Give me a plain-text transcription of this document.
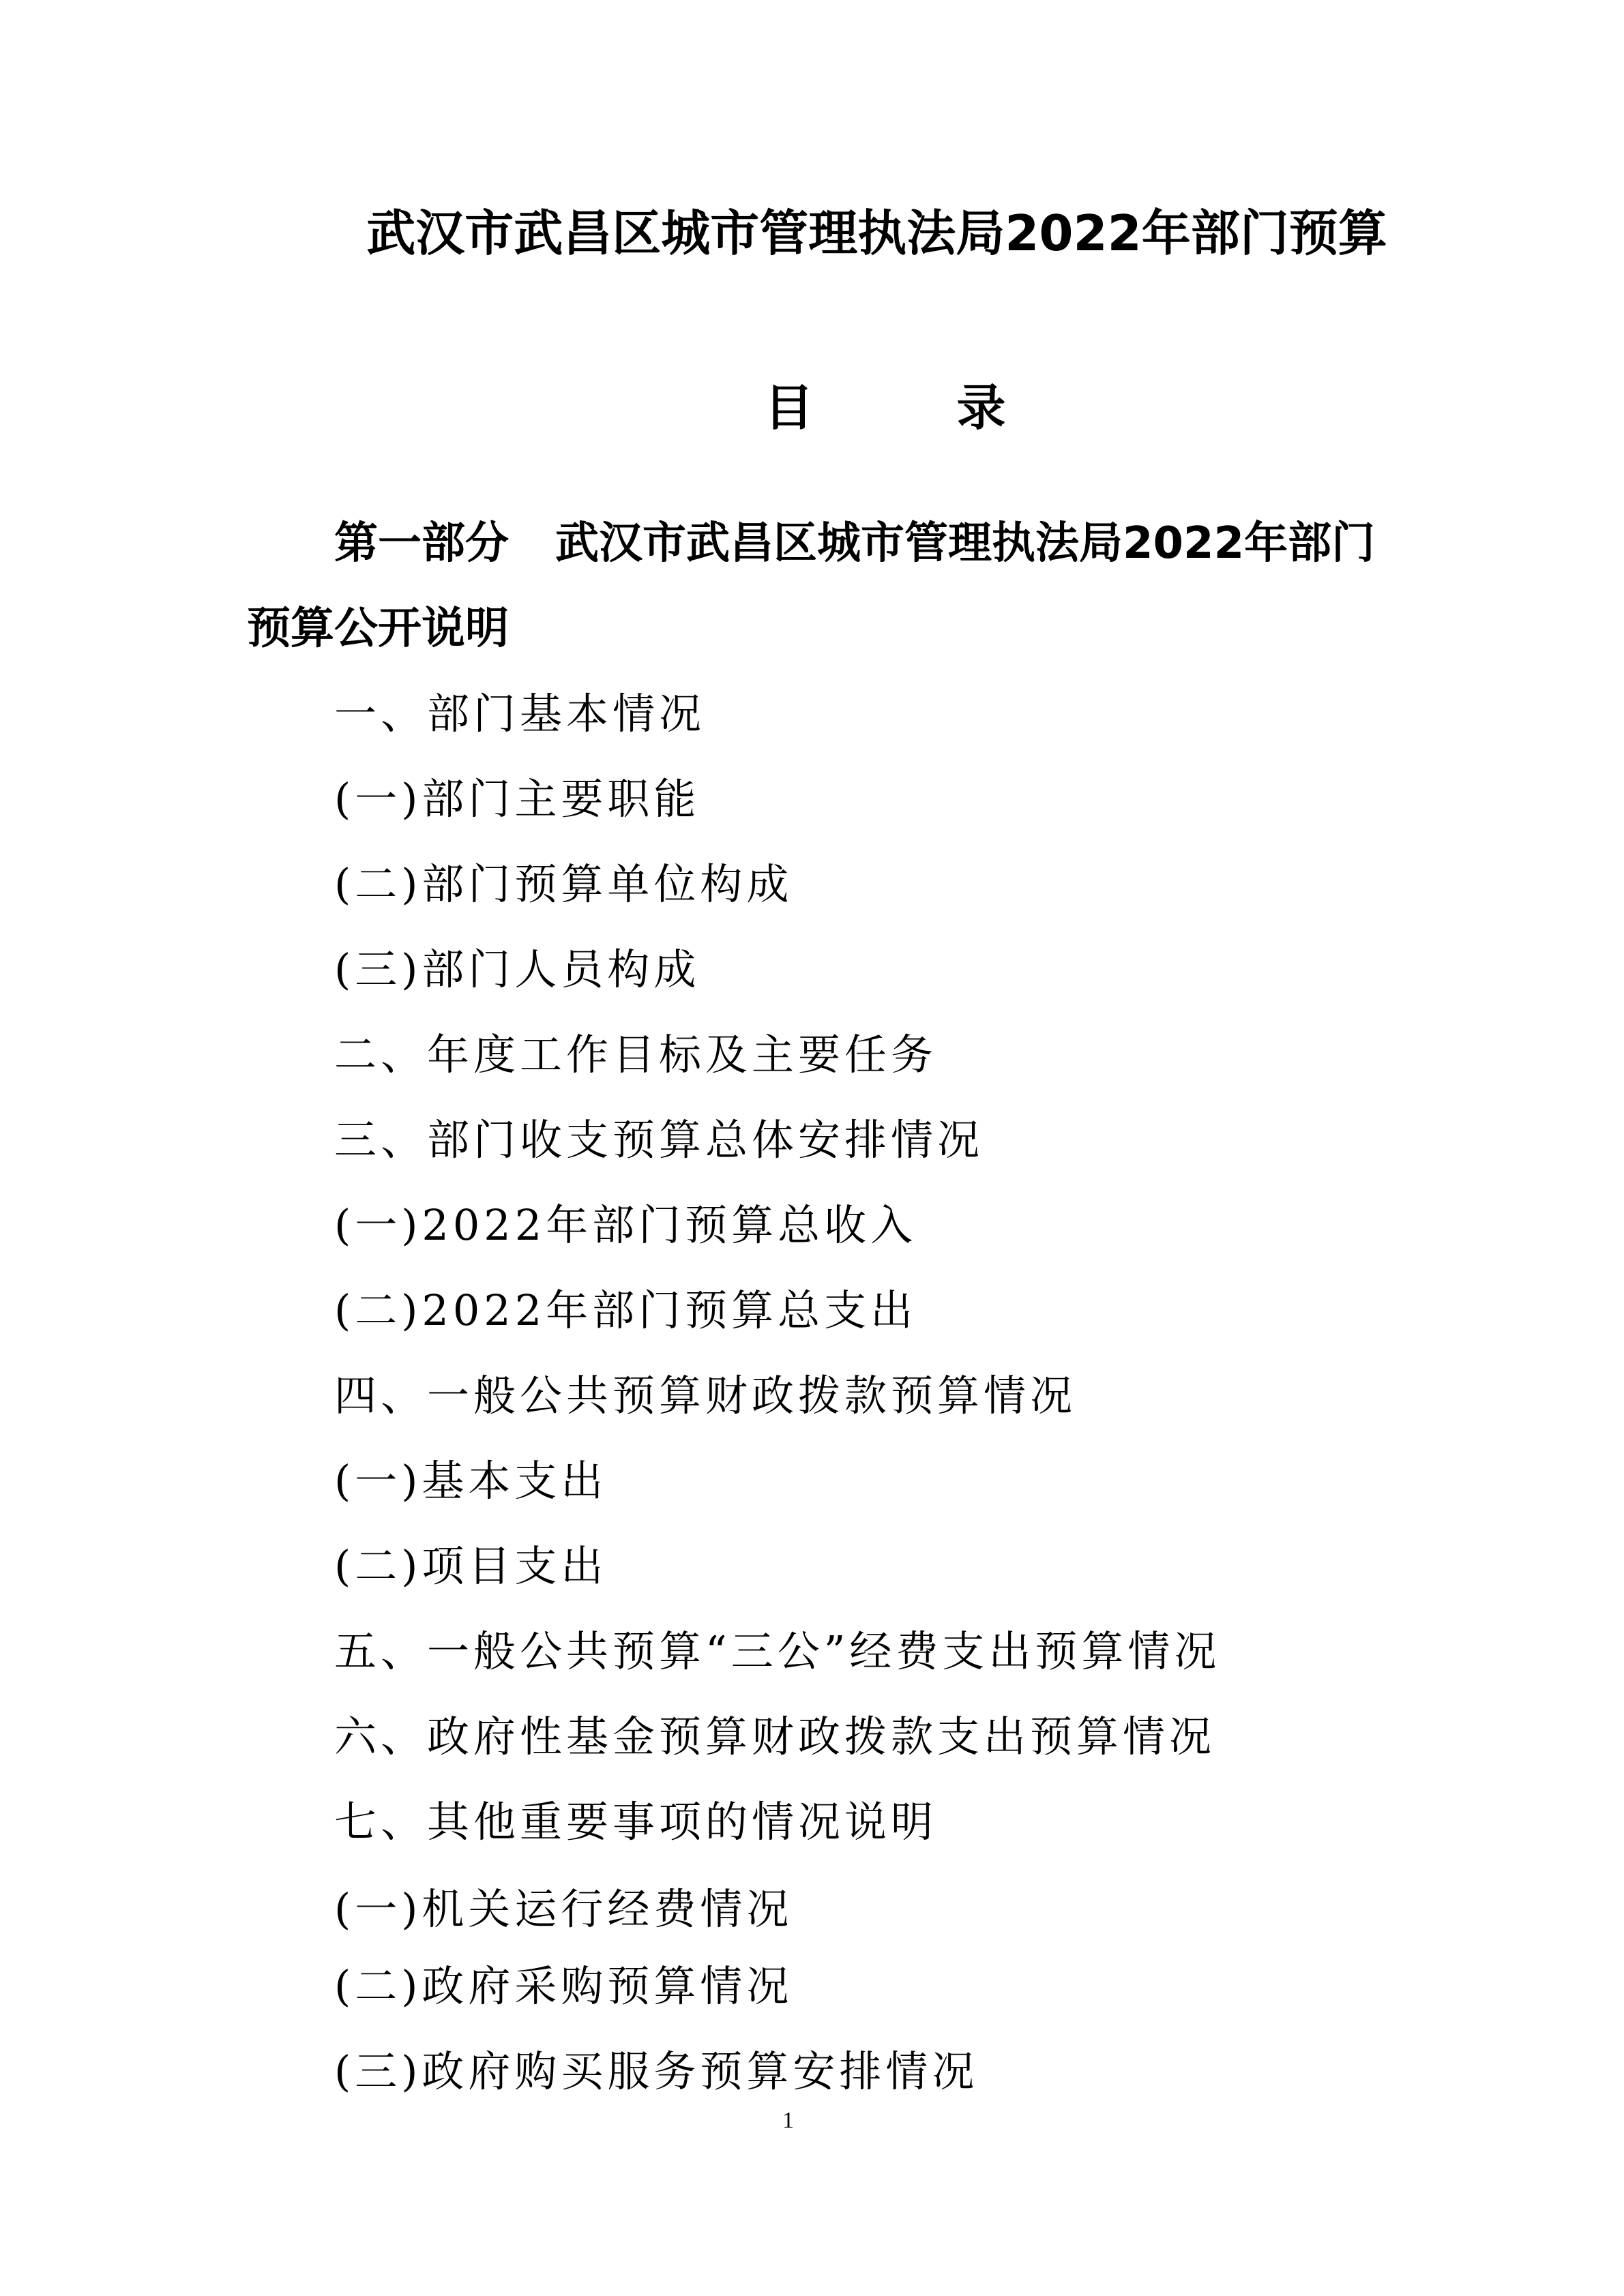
武汉市武昌区城市管理执法局2022年部门预算
目	录
第一部分 武汉市武昌区城市管理执法局2022年部门
预算公开说明
一、部门基本情况
(一)部门主要职能
(二)部门预算单位构成
(三)部门人员构成
二、年度工作目标及主要任务
三、部门收支预算总体安排情况
(一)2022年部门预算总收入
(二)2022年部门预算总支出
四、一般公共预算财政拨款预算情况
(一)基本支出
(二)项目支出
五、一般公共预算“三公”经费支出预算情况
六、政府性基金预算财政拨款支出预算情况
七、其他重要事项的情况说明
(一)机关运行经费情况
(二)政府采购预算情况
(三)政府购买服务预算安排情况
1
